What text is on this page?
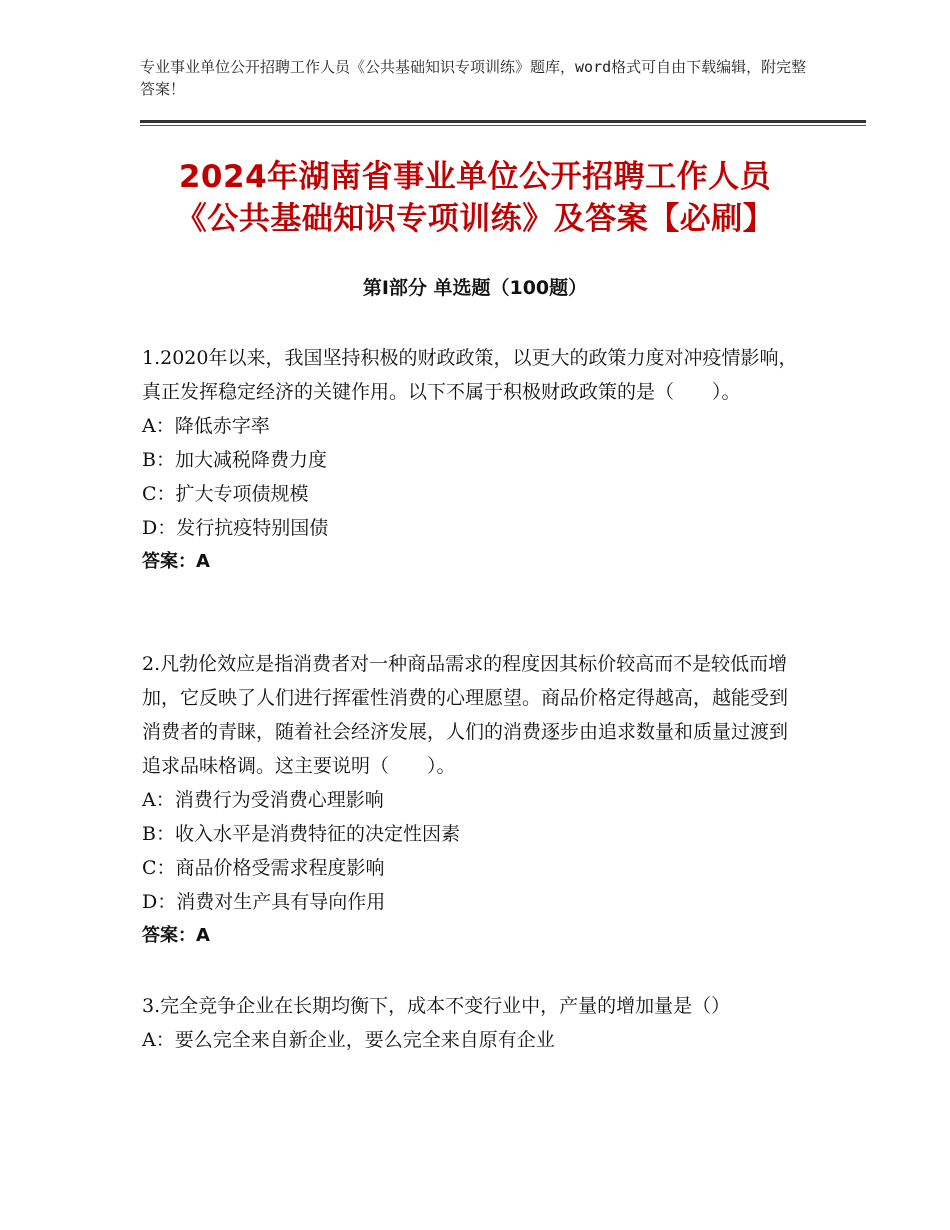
专业事业单位公开招聘工作人员《公共基础知识专项训练》题库，word格式可自由下载编辑，附完整答案！
2024年湖南省事业单位公开招聘工作人员
《公共基础知识专项训练》及答案【必刷】
第Ⅰ部分 单选题（100题）

1.2020年以来，我国坚持积极的财政政策，以更大的政策力度对冲疫情影响，真正发挥稳定经济的关键作用。以下不属于积极财政政策的是（　　）。

A：降低赤字率

B：加大减税降费力度

C：扩大专项债规模

D：发行抗疫特别国债

答案：A

2.凡勃伦效应是指消费者对一种商品需求的程度因其标价较高而不是较低而增加，它反映了人们进行挥霍性消费的心理愿望。商品价格定得越高，越能受到消费者的青睐，随着社会经济发展，人们的消费逐步由追求数量和质量过渡到追求品味格调。这主要说明（　　）。

A：消费行为受消费心理影响

B：收入水平是消费特征的决定性因素

C：商品价格受需求程度影响

D：消费对生产具有导向作用

答案：A

3.完全竞争企业在长期均衡下，成本不变行业中，产量的增加量是（）

A：要么完全来自新企业，要么完全来自原有企业
